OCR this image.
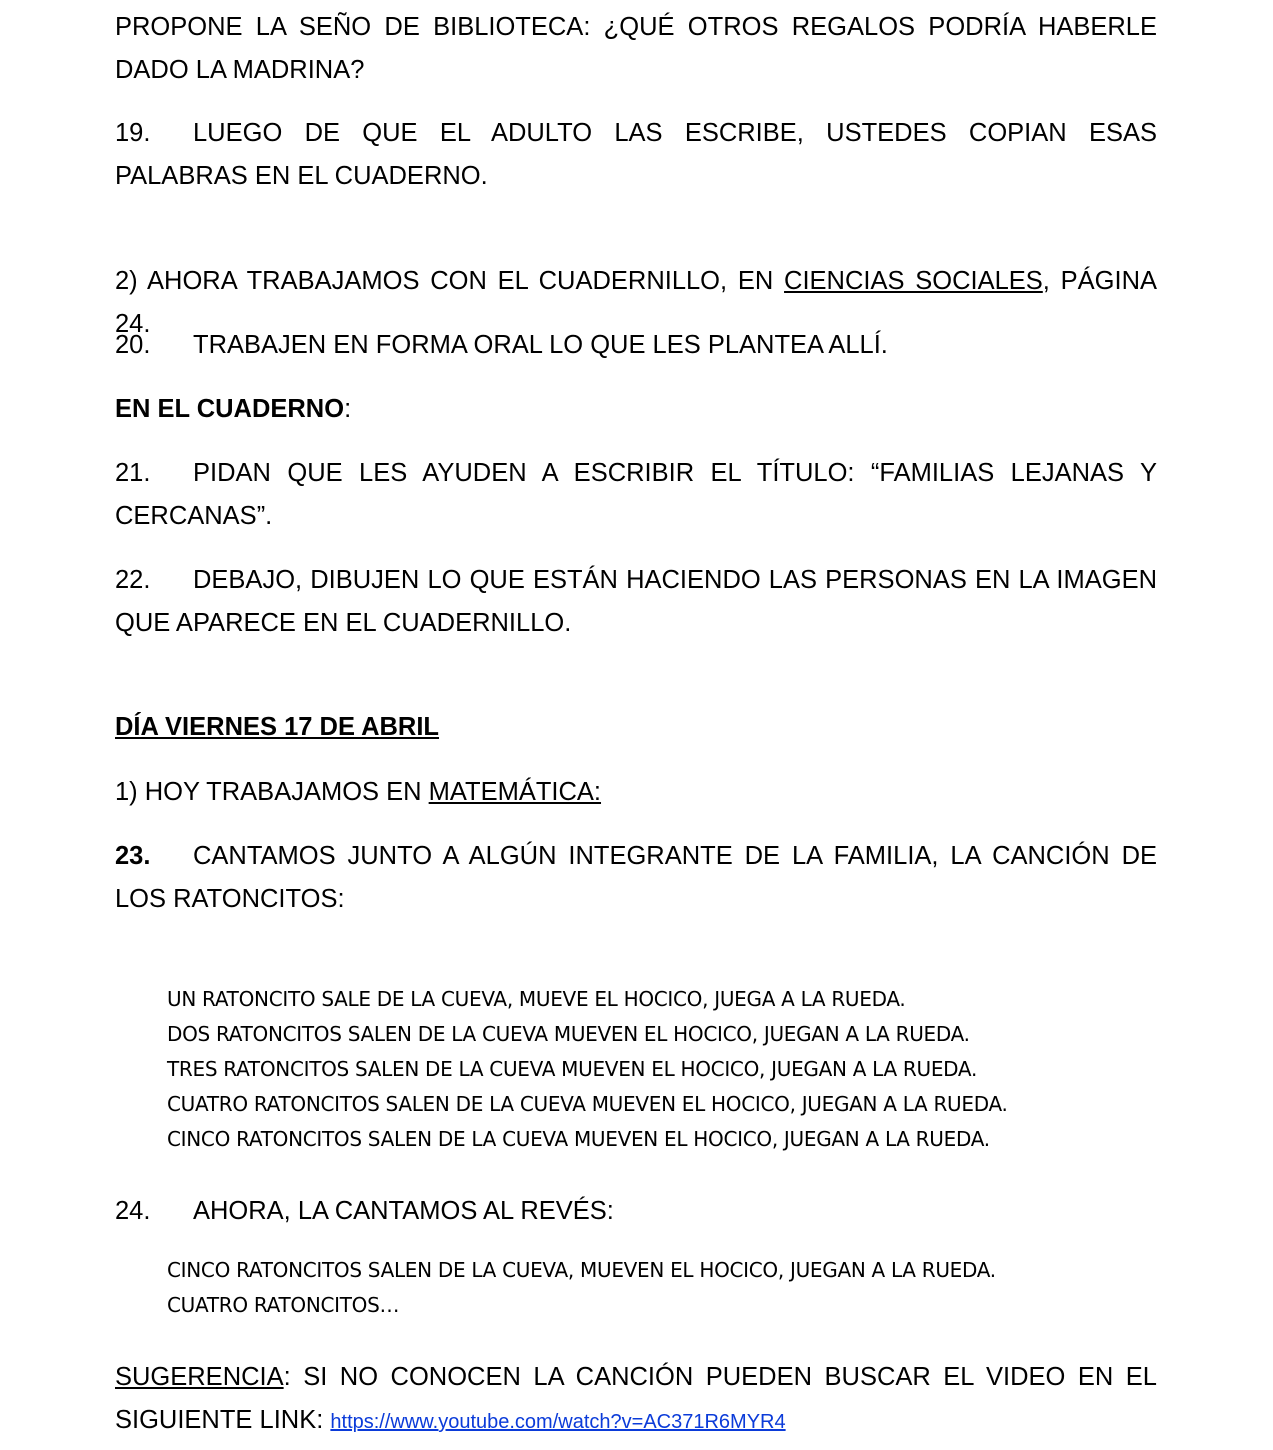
PROPONE LA SEÑO DE BIBLIOTECA: ¿QUÉ OTROS REGALOS PODRÍA HABERLE DADO LA MADRINA?

19. LUEGO DE QUE EL ADULTO LAS ESCRIBE, USTEDES COPIAN ESAS PALABRAS EN EL CUADERNO.

2) AHORA TRABAJAMOS CON EL CUADERNILLO, EN CIENCIAS SOCIALES, PÁGINA 24.

20. TRABAJEN EN FORMA ORAL LO QUE LES PLANTEA ALLÍ.

EN EL CUADERNO:

21. PIDAN QUE LES AYUDEN A ESCRIBIR EL TÍTULO: “FAMILIAS LEJANAS Y CERCANAS”.

22. DEBAJO, DIBUJEN LO QUE ESTÁN HACIENDO LAS PERSONAS EN LA IMAGEN QUE APARECE EN EL CUADERNILLO.

DÍA VIERNES 17 DE ABRIL

1) HOY TRABAJAMOS EN MATEMÁTICA:

23. CANTAMOS JUNTO A ALGÚN INTEGRANTE DE LA FAMILIA, LA CANCIÓN DE LOS RATONCITOS:

UN RATONCITO SALE DE LA CUEVA, MUEVE EL HOCICO, JUEGA A LA RUEDA.
DOS RATONCITOS SALEN DE LA CUEVA MUEVEN EL HOCICO, JUEGAN A LA RUEDA.
TRES RATONCITOS SALEN DE LA CUEVA MUEVEN EL HOCICO, JUEGAN A LA RUEDA.
CUATRO RATONCITOS SALEN DE LA CUEVA MUEVEN EL HOCICO, JUEGAN A LA RUEDA.
CINCO RATONCITOS SALEN DE LA CUEVA MUEVEN EL HOCICO, JUEGAN A LA RUEDA.

24. AHORA, LA CANTAMOS AL REVÉS:

CINCO RATONCITOS SALEN DE LA CUEVA, MUEVEN EL HOCICO, JUEGAN A LA RUEDA.
CUATRO RATONCITOS…

SUGERENCIA: SI NO CONOCEN LA CANCIÓN PUEDEN BUSCAR EL VIDEO EN EL SIGUIENTE LINK: https://www.youtube.com/watch?v=AC371R6MYR4
